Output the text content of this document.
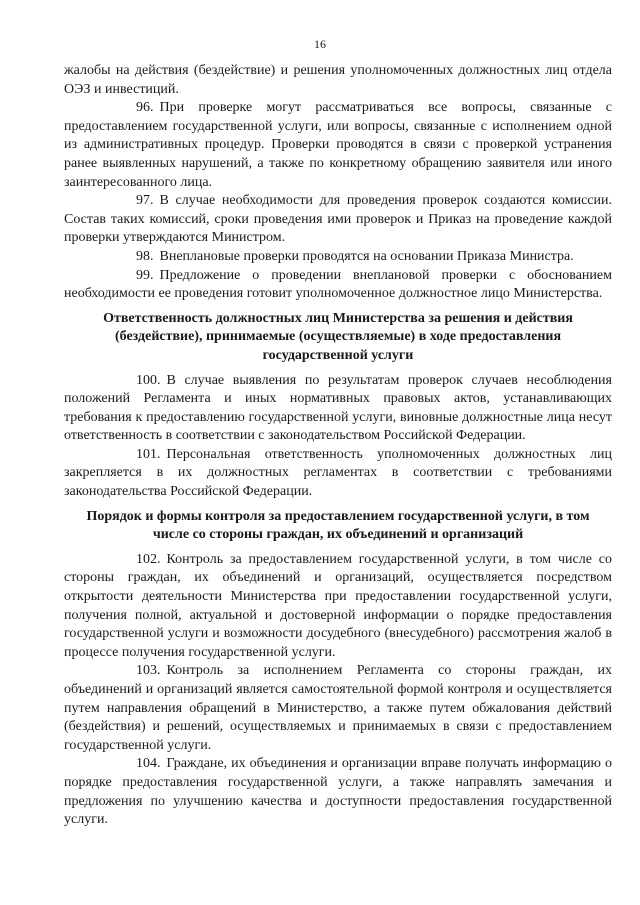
16

жалобы на действия (бездействие) и решения уполномоченных должностных лиц отдела ОЭЗ и инвестиций.

96. При проверке могут рассматриваться все вопросы, связанные с предоставлением государственной услуги, или вопросы, связанные с исполнением одной из административных процедур. Проверки проводятся в связи с проверкой устранения ранее выявленных нарушений, а также по конкретному обращению заявителя или иного заинтересованного лица.

97. В случае необходимости для проведения проверок создаются комиссии. Состав таких комиссий, сроки проведения ими проверок и Приказ на проведение каждой проверки утверждаются Министром.

98. Внеплановые проверки проводятся на основании Приказа Министра.

99. Предложение о проведении внеплановой проверки с обоснованием необходимости ее проведения готовит уполномоченное должностное лицо Министерства.

Ответственность должностных лиц Министерства за решения и действия (бездействие), принимаемые (осуществляемые) в ходе предоставления государственной услуги

100. В случае выявления по результатам проверок случаев несоблюдения положений Регламента и иных нормативных правовых актов, устанавливающих требования к предоставлению государственной услуги, виновные должностные лица несут ответственность в соответствии с законодательством Российской Федерации.

101. Персональная ответственность уполномоченных должностных лиц закрепляется в их должностных регламентах в соответствии с требованиями законодательства Российской Федерации.

Порядок и формы контроля за предоставлением государственной услуги, в том числе со стороны граждан, их объединений и организаций

102. Контроль за предоставлением государственной услуги, в том числе со стороны граждан, их объединений и организаций, осуществляется посредством открытости деятельности Министерства при предоставлении государственной услуги, получения полной, актуальной и достоверной информации о порядке предоставления государственной услуги и возможности досудебного (внесудебного) рассмотрения жалоб в процессе получения государственной услуги.

103. Контроль за исполнением Регламента со стороны граждан, их объединений и организаций является самостоятельной формой контроля и осуществляется путем направления обращений в Министерство, а также путем обжалования действий (бездействия) и решений, осуществляемых и принимаемых в связи с предоставлением государственной услуги.

104. Граждане, их объединения и организации вправе получать информацию о порядке предоставления государственной услуги, а также направлять замечания и предложения по улучшению качества и доступности предоставления государственной услуги.
